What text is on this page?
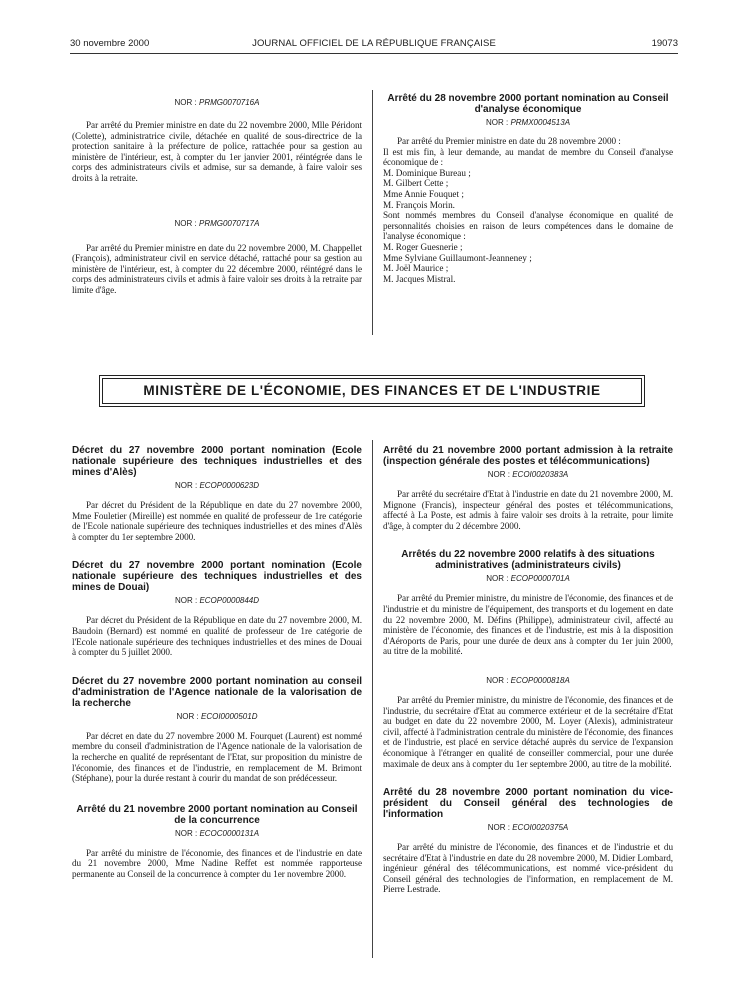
30 novembre 2000	JOURNAL OFFICIEL DE LA RÉPUBLIQUE FRANÇAISE	19073

NOR : PRMG0070716A

Par arrêté du Premier ministre en date du 22 novembre 2000, Mlle Péridont (Colette), administratrice civile, détachée en qualité de sous-directrice de la protection sanitaire à la préfecture de police, rattachée pour sa gestion au ministère de l'intérieur, est, à compter du 1er janvier 2001, réintégrée dans le corps des administrateurs civils et admise, sur sa demande, à faire valoir ses droits à la retraite.

NOR : PRMG0070717A

Par arrêté du Premier ministre en date du 22 novembre 2000, M. Chappellet (François), administrateur civil en service détaché, rattaché pour sa gestion au ministère de l'intérieur, est, à compter du 22 décembre 2000, réintégré dans le corps des administrateurs civils et admis à faire valoir ses droits à la retraite par limite d'âge.

Arrêté du 28 novembre 2000 portant nomination au Conseil d'analyse économique

NOR : PRMX0004513A

Par arrêté du Premier ministre en date du 28 novembre 2000 :

Il est mis fin, à leur demande, au mandat de membre du Conseil d'analyse économique de :

M. Dominique Bureau ;

M. Gilbert Cette ;

Mme Annie Fouquet ;

M. François Morin.

Sont nommés membres du Conseil d'analyse économique en qualité de personnalités choisies en raison de leurs compétences dans le domaine de l'analyse économique :

M. Roger Guesnerie ;

Mme Sylviane Guillaumont-Jeanneney ;

M. Joël Maurice ;

M. Jacques Mistral.

MINISTÈRE DE L'ÉCONOMIE, DES FINANCES ET DE L'INDUSTRIE

Décret du 27 novembre 2000 portant nomination (Ecole nationale supérieure des techniques industrielles et des mines d'Alès)

NOR : ECOP0000623D

Par décret du Président de la République en date du 27 novembre 2000, Mme Fouletier (Mireille) est nommée en qualité de professeur de 1re catégorie de l'Ecole nationale supérieure des techniques industrielles et des mines d'Alès à compter du 1er septembre 2000.

Décret du 27 novembre 2000 portant nomination (Ecole nationale supérieure des techniques industrielles et des mines de Douai)

NOR : ECOP0000844D

Par décret du Président de la République en date du 27 novembre 2000, M. Baudoin (Bernard) est nommé en qualité de professeur de 1re catégorie de l'Ecole nationale supérieure des techniques industrielles et des mines de Douai à compter du 5 juillet 2000.

Décret du 27 novembre 2000 portant nomination au conseil d'administration de l'Agence nationale de la valorisation de la recherche

NOR : ECOI0000501D

Par décret en date du 27 novembre 2000 M. Fourquet (Laurent) est nommé membre du conseil d'administration de l'Agence nationale de la valorisation de la recherche en qualité de représentant de l'Etat, sur proposition du ministre de l'économie, des finances et de l'industrie, en remplacement de M. Brimont (Stéphane), pour la durée restant à courir du mandat de son prédécesseur.

Arrêté du 21 novembre 2000 portant nomination au Conseil de la concurrence

NOR : ECOC0000131A

Par arrêté du ministre de l'économie, des finances et de l'industrie en date du 21 novembre 2000, Mme Nadine Reffet est nommée rapporteuse permanente au Conseil de la concurrence à compter du 1er novembre 2000.

Arrêté du 21 novembre 2000 portant admission à la retraite (inspection générale des postes et télécommunications)

NOR : ECOI0020383A

Par arrêté du secrétaire d'Etat à l'industrie en date du 21 novembre 2000, M. Mignone (Francis), inspecteur général des postes et télécommunications, affecté à La Poste, est admis à faire valoir ses droits à la retraite, pour limite d'âge, à compter du 2 décembre 2000.

Arrêtés du 22 novembre 2000 relatifs à des situations administratives (administrateurs civils)

NOR : ECOP0000701A

Par arrêté du Premier ministre, du ministre de l'économie, des finances et de l'industrie et du ministre de l'équipement, des transports et du logement en date du 22 novembre 2000, M. Défins (Philippe), administrateur civil, affecté au ministère de l'économie, des finances et de l'industrie, est mis à la disposition d'Aéroports de Paris, pour une durée de deux ans à compter du 1er juin 2000, au titre de la mobilité.

NOR : ECOP0000818A

Par arrêté du Premier ministre, du ministre de l'économie, des finances et de l'industrie, du secrétaire d'Etat au commerce extérieur et de la secrétaire d'Etat au budget en date du 22 novembre 2000, M. Loyer (Alexis), administrateur civil, affecté à l'administration centrale du ministère de l'économie, des finances et de l'industrie, est placé en service détaché auprès du service de l'expansion économique à l'étranger en qualité de conseiller commercial, pour une durée maximale de deux ans à compter du 1er septembre 2000, au titre de la mobilité.

Arrêté du 28 novembre 2000 portant nomination du vice-président du Conseil général des technologies de l'information

NOR : ECOI0020375A

Par arrêté du ministre de l'économie, des finances et de l'industrie et du secrétaire d'Etat à l'industrie en date du 28 novembre 2000, M. Didier Lombard, ingénieur général des télécommunications, est nommé vice-président du Conseil général des technologies de l'information, en remplacement de M. Pierre Lestrade.
